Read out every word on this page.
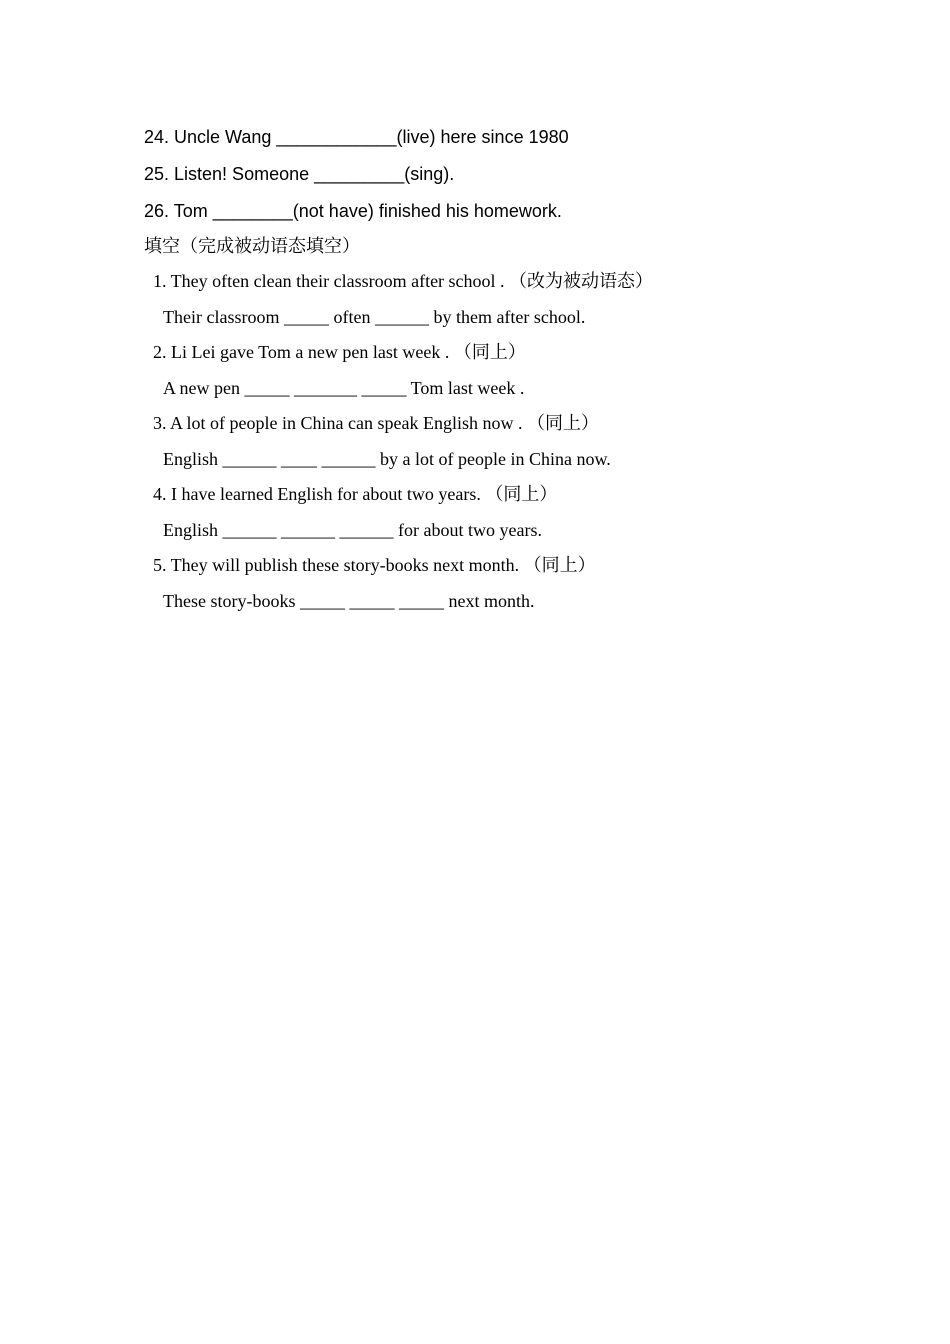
24. Uncle Wang ____________(live) here since 1980
25. Listen! Someone _________(sing).
26. Tom ________(not have) finished his homework.
填空（完成被动语态填空）
1. They often clean their classroom after school . （改为被动语态）
Their classroom _____ often ______ by them after school.
2. Li Lei gave Tom a new pen last week . （同上）
A new pen _____ _______ _____ Tom last week .
3. A lot of people in China can speak English now . （同上）
English ______ ____ ______ by a lot of people in China now.
4. I have learned English for about two years. （同上）
English ______ ______ ______ for about two years.
5. They will publish these story-books next month. （同上）
These story-books _____ _____ _____ next month.
